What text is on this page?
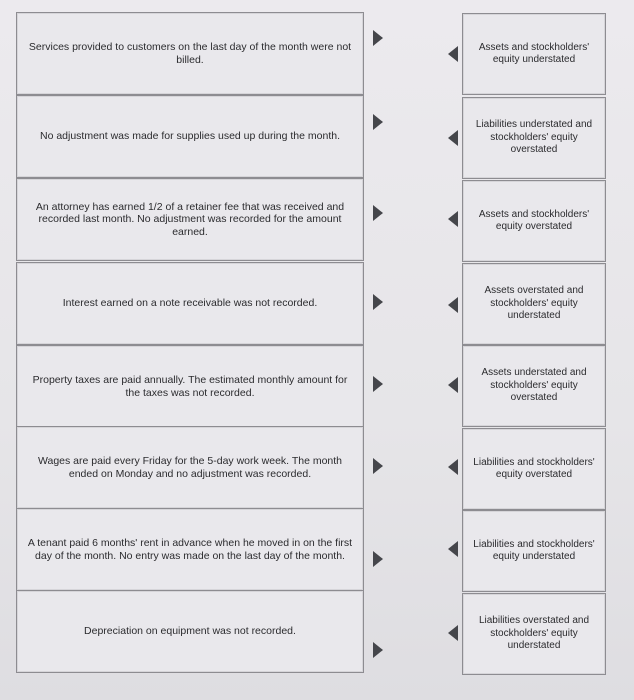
Services provided to customers on the last day of the month were not billed.
No adjustment was made for supplies used up during the month.
An attorney has earned 1/2 of a retainer fee that was received and recorded last month. No adjustment was recorded for the amount earned.
Interest earned on a note receivable was not recorded.
Property taxes are paid annually. The estimated monthly amount for the taxes was not recorded.
Wages are paid every Friday for the 5-day work week. The month ended on Monday and no adjustment was recorded.
A tenant paid 6 months' rent in advance when he moved in on the first day of the month. No entry was made on the last day of the month.
Depreciation on equipment was not recorded.
Assets and stockholders' equity understated
Liabilities understated and stockholders' equity overstated
Assets and stockholders' equity overstated
Assets overstated and stockholders' equity understated
Assets understated and stockholders' equity overstated
Liabilities and stockholders' equity overstated
Liabilities and stockholders' equity understated
Liabilities overstated and stockholders' equity understated
